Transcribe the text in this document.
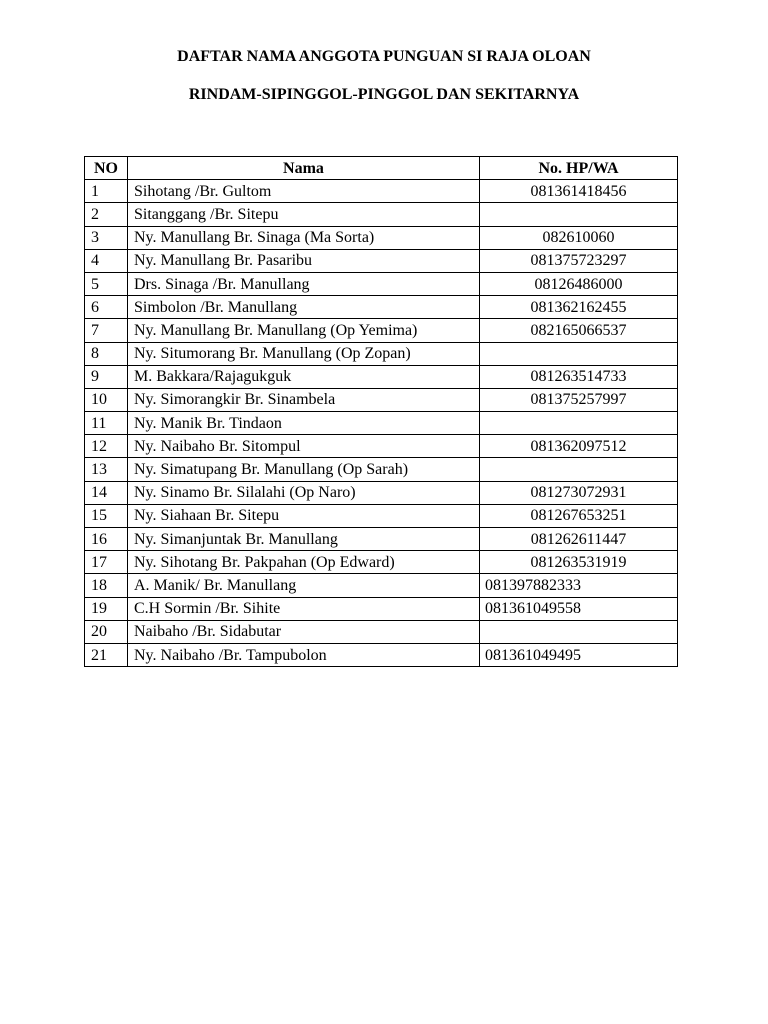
DAFTAR NAMA ANGGOTA PUNGUAN SI RAJA OLOAN
RINDAM-SIPINGGOL-PINGGOL DAN SEKITARNYA
NO	Nama	No. HP/WA
1	Sihotang /Br. Gultom	081361418456
2	Sitanggang /Br. Sitepu	
3	Ny. Manullang Br. Sinaga (Ma Sorta)	082610060
4	Ny. Manullang Br. Pasaribu	081375723297
5	Drs. Sinaga /Br. Manullang	08126486000
6	Simbolon /Br. Manullang	081362162455
7	Ny. Manullang Br. Manullang (Op Yemima)	082165066537
8	Ny. Situmorang Br. Manullang (Op Zopan)	
9	M. Bakkara/Rajagukguk	081263514733
10	Ny. Simorangkir Br. Sinambela	081375257997
11	Ny. Manik Br. Tindaon	
12	Ny. Naibaho Br. Sitompul	081362097512
13	Ny. Simatupang Br. Manullang (Op Sarah)	
14	Ny. Sinamo Br. Silalahi (Op Naro)	081273072931
15	Ny. Siahaan Br. Sitepu	081267653251
16	Ny. Simanjuntak Br. Manullang	081262611447
17	Ny. Sihotang Br. Pakpahan (Op Edward)	081263531919
18	A. Manik/ Br. Manullang	081397882333
19	C.H Sormin /Br. Sihite	081361049558
20	Naibaho /Br. Sidabutar	
21	Ny. Naibaho /Br. Tampubolon	081361049495
